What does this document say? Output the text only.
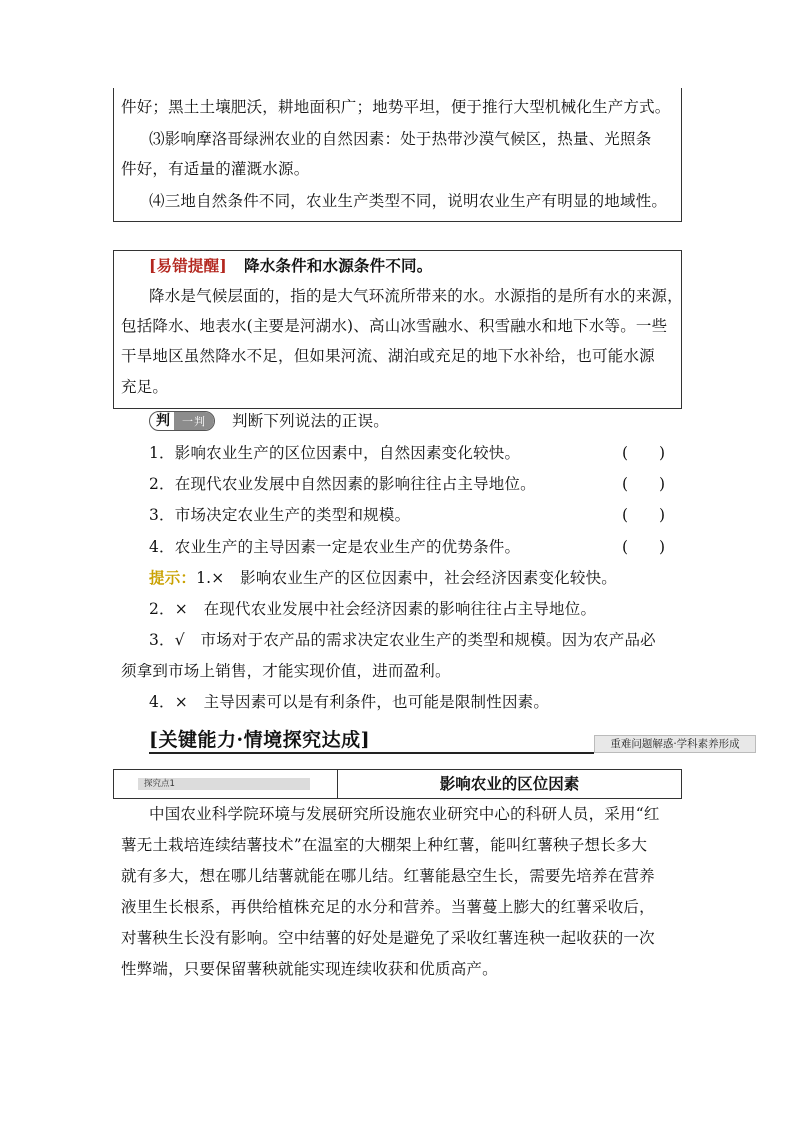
件好；黑土土壤肥沃，耕地面积广；地势平坦，便于推行大型机械化生产方式。
⑶影响摩洛哥绿洲农业的自然因素：处于热带沙漠气候区，热量、光照条
件好，有适量的灌溉水源。
⑷三地自然条件不同，农业生产类型不同，说明农业生产有明显的地域性。
[易错提醒] 降水条件和水源条件不同。
降水是气候层面的，指的是大气环流所带来的水。水源指的是所有水的来源，
包括降水、地表水(主要是河湖水)、高山冰雪融水、积雪融水和地下水等。一些
干旱地区虽然降水不足，但如果河流、湖泊或充足的地下水补给，也可能水源
充足。
判	一判	判断下列说法的正误。
1．影响农业生产的区位因素中，自然因素变化较快。	(　　)
2．在现代农业发展中自然因素的影响往往占主导地位。	(　　)
3．市场决定农业生产的类型和规模。	(　　)
4．农业生产的主导因素一定是农业生产的优势条件。	(　　)
提示：1.×　影响农业生产的区位因素中，社会经济因素变化较快。
2．×　在现代农业发展中社会经济因素的影响往往占主导地位。
3．√　市场对于农产品的需求决定农业生产的类型和规模。因为农产品必
须拿到市场上销售，才能实现价值，进而盈利。
4．×　主导因素可以是有利条件，也可能是限制性因素。
[关键能力·情境探究达成]	重难问题解惑·学科素养形成
探究点1	影响农业的区位因素
中国农业科学院环境与发展研究所设施农业研究中心的科研人员，采用“红
薯无土栽培连续结薯技术”在温室的大棚架上种红薯，能叫红薯秧子想长多大
就有多大，想在哪儿结薯就能在哪儿结。红薯能悬空生长，需要先培养在营养
液里生长根系，再供给植株充足的水分和营养。当薯蔓上膨大的红薯采收后，
对薯秧生长没有影响。空中结薯的好处是避免了采收红薯连秧一起收获的一次
性弊端，只要保留薯秧就能实现连续收获和优质高产。
